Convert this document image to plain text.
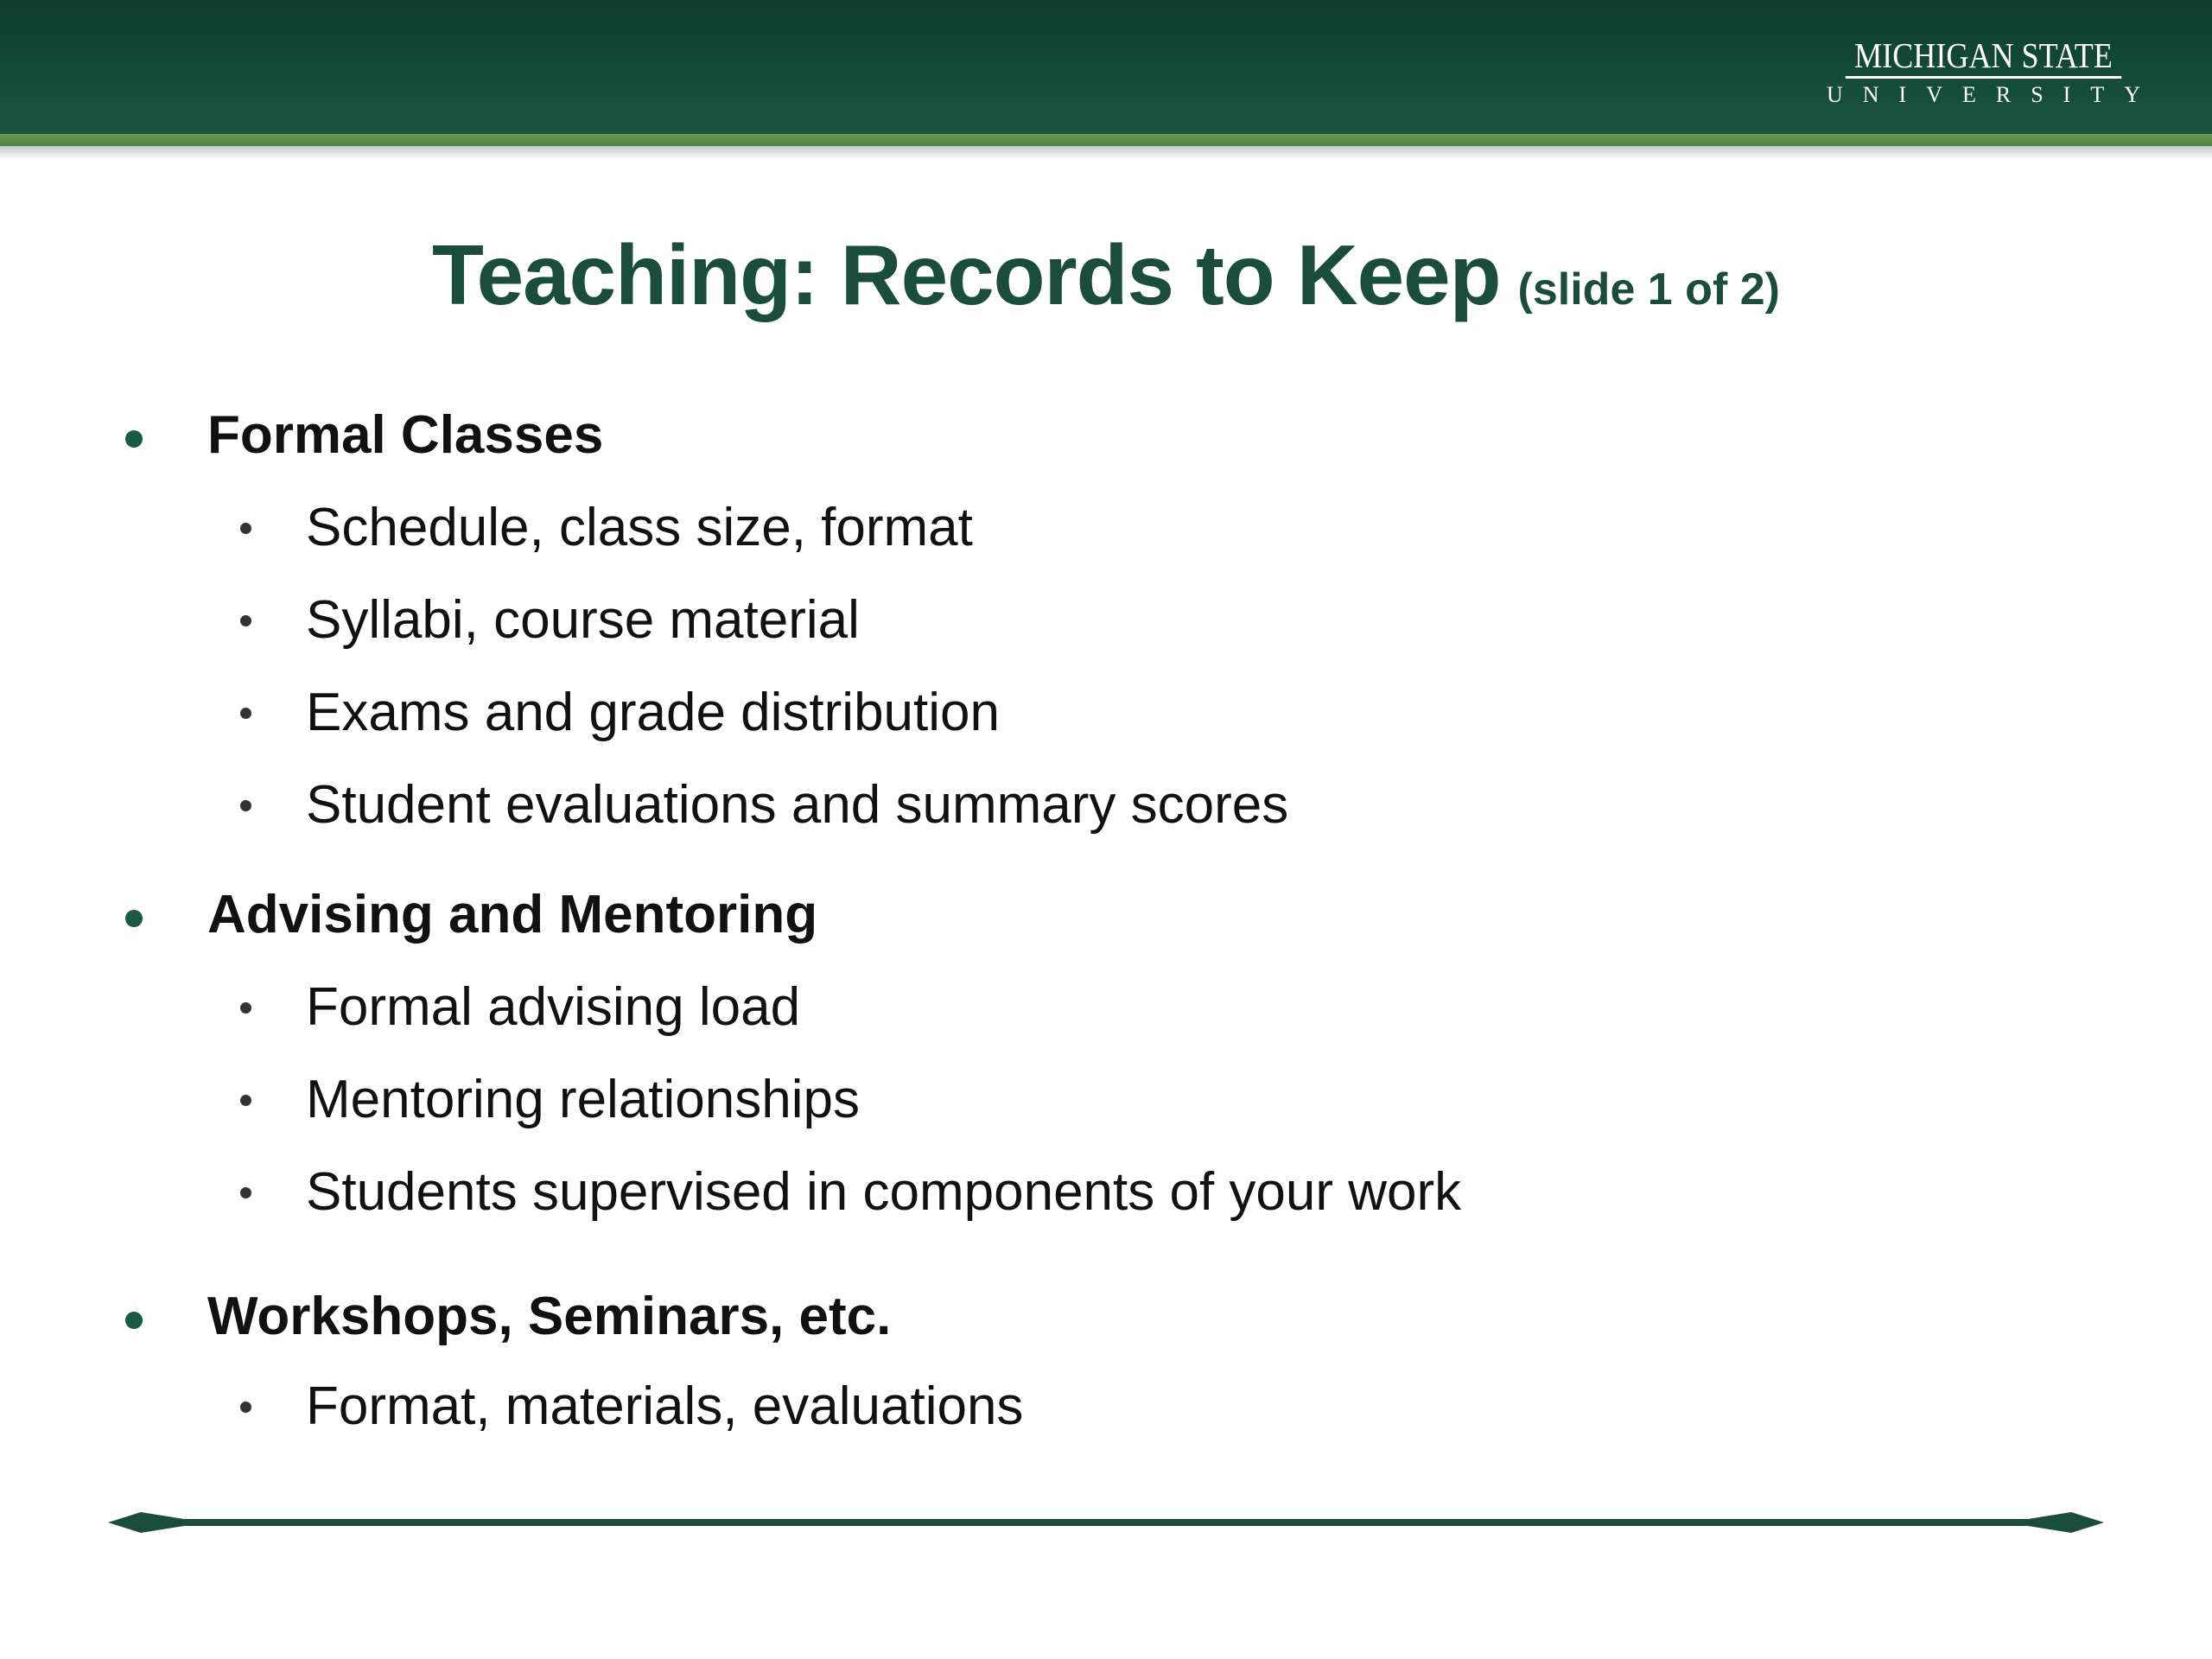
MICHIGAN STATE
UNIVERSITY
Teaching: Records to Keep (slide 1 of 2)
Formal Classes
Schedule, class size, format
Syllabi, course material
Exams and grade distribution
Student evaluations and summary scores
Advising and Mentoring
Formal advising load
Mentoring relationships
Students supervised in components of your work
Workshops, Seminars, etc.
Format, materials, evaluations
